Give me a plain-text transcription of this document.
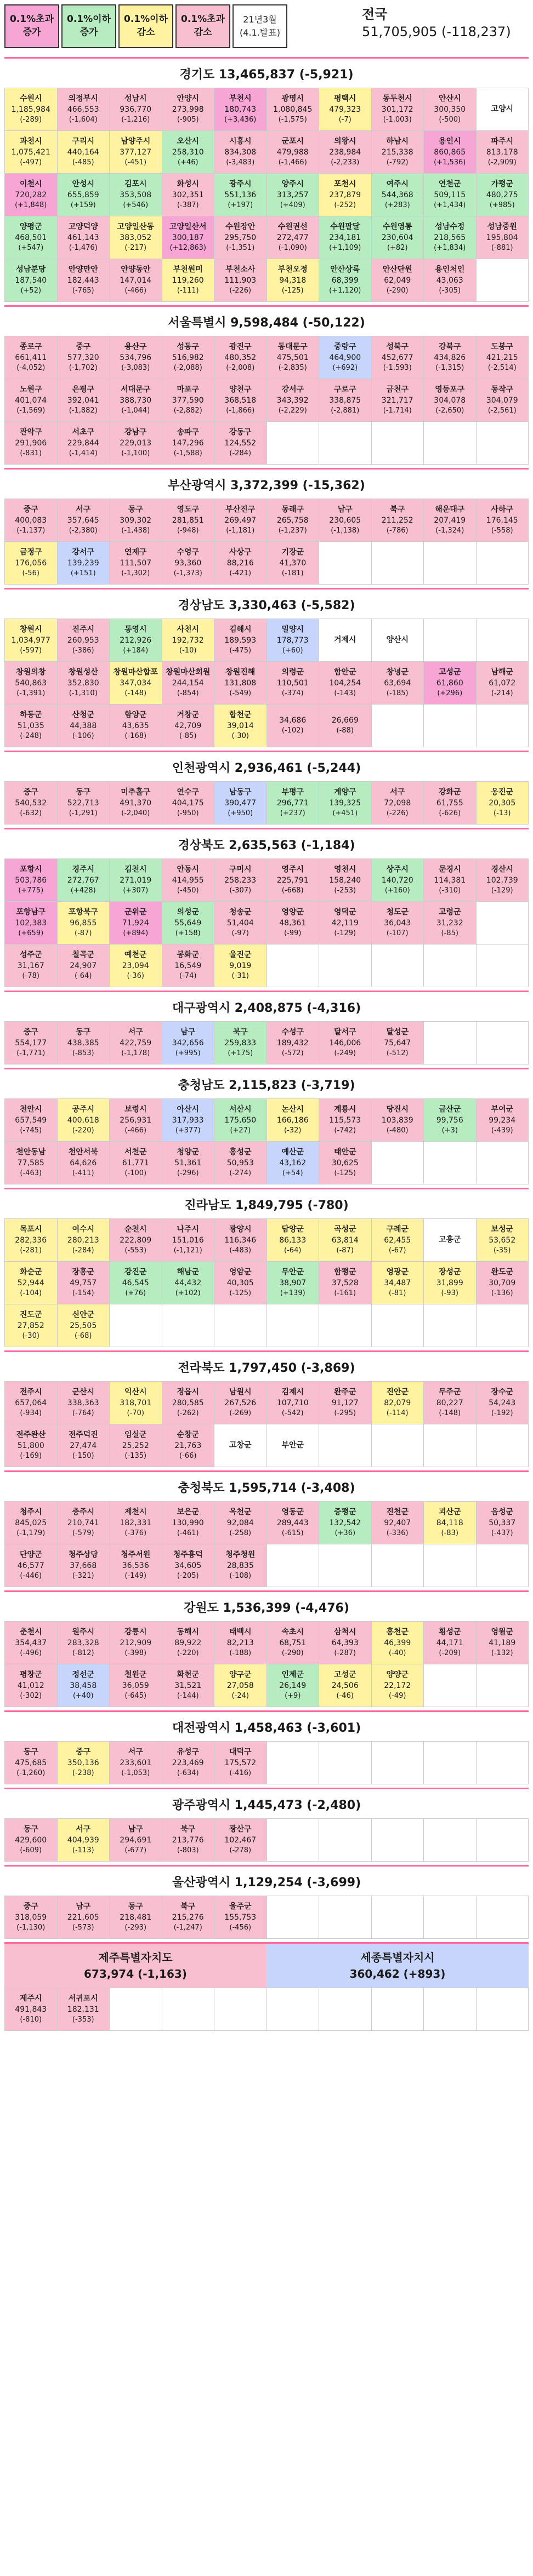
0.1%초과
증가
0.1%이하
증가
0.1%이하
감소
0.1%초과
감소
21년3월
(4.1.발표)
전국
51,705,905 (-118,237)
경기도 13,465,837 (-5,921)
수원시
1,185,984
(-289)
의정부시
466,553
(-1,604)
성남시
936,770
(-1,216)
안양시
273,998
(-905)
부천시
180,743
(+3,436)
광명시
1,080,845
(-1,575)
평택시
479,323
(-7)
동두천시
301,172
(-1,003)
안산시
300,350
(-500)
고양시
과천시
1,075,421
(-497)
구리시
440,164
(-485)
남양주시
377,127
(-451)
오산시
258,310
(+46)
시흥시
834,308
(-3,483)
군포시
479,988
(-1,466)
의왕시
238,984
(-2,233)
하남시
215,338
(-792)
용인시
860,865
(+1,536)
파주시
813,178
(-2,909)
이천시
720,282
(+1,848)
안성시
655,859
(+159)
김포시
353,508
(+546)
화성시
302,351
(-387)
광주시
551,136
(+197)
양주시
313,257
(+409)
포천시
237,879
(-252)
여주시
544,368
(+283)
연천군
509,115
(+1,434)
가평군
480,275
(+985)
양평군
468,501
(+547)
고양덕양
461,143
(-1,476)
고양일산동
383,052
(-217)
고양일산서
300,187
(+12,863)
수원장안
295,750
(-1,351)
수원권선
272,477
(-1,090)
수원팔달
234,181
(+1,109)
수원영통
230,604
(+82)
성남수정
218,565
(+1,834)
성남중원
195,804
(-881)
성남분당
187,540
(+52)
안양만안
182,443
(-765)
안양동안
147,014
(-466)
부천원미
119,260
(-111)
부천소사
111,903
(-226)
부천오정
94,318
(-125)
안산상록
68,399
(+1,120)
안산단원
62,049
(-290)
용인처인
43,063
(-305)
서울특별시 9,598,484 (-50,122)
종로구
661,411
(-4,052)
중구
577,320
(-1,702)
용산구
534,796
(-3,083)
성동구
516,982
(-2,088)
광진구
480,352
(-2,008)
동대문구
475,501
(-2,835)
중랑구
464,900
(+692)
성북구
452,677
(-1,593)
강북구
434,826
(-1,315)
도봉구
421,215
(-2,514)
노원구
401,074
(-1,569)
은평구
392,041
(-1,882)
서대문구
388,730
(-1,044)
마포구
377,590
(-2,882)
양천구
368,518
(-1,866)
강서구
343,392
(-2,229)
구로구
338,875
(-2,881)
금천구
321,717
(-1,714)
영등포구
304,078
(-2,650)
동작구
304,079
(-2,561)
관악구
291,906
(-831)
서초구
229,844
(-1,414)
강남구
229,013
(-1,100)
송파구
147,296
(-1,588)
강동구
124,552
(-284)
부산광역시 3,372,399 (-15,362)
중구
400,083
(-1,137)
서구
357,645
(-2,380)
동구
309,302
(-1,438)
영도구
281,851
(-948)
부산진구
269,497
(-1,181)
동래구
265,758
(-1,237)
남구
230,605
(-1,138)
북구
211,252
(-786)
해운대구
207,419
(-1,324)
사하구
176,145
(-558)
금정구
176,056
(-56)
강서구
139,239
(+151)
연제구
111,507
(-1,302)
수영구
93,360
(-1,373)
사상구
88,216
(-421)
기장군
41,370
(-181)
경상남도 3,330,463 (-5,582)
창원시
1,034,977
(-597)
진주시
260,953
(-386)
통영시
212,926
(+184)
사천시
192,732
(-10)
김해시
189,593
(-475)
밀양시
178,773
(+60)
거제시	양산시
창원의창
540,863
(-1,391)
창원성산
352,830
(-1,310)
창원마산합포
347,034
(-148)
창원마산회원
244,154
(-854)
창원진해
131,808
(-549)
의령군
110,501
(-374)
함안군
104,254
(-143)
창녕군
63,694
(-185)
고성군
61,860
(+296)
남해군
61,072
(-214)
하동군
51,035
(-248)
산청군
44,388
(-106)
함양군
43,635
(-168)
거창군
42,709
(-85)
합천군
39,014
(-30)
34,686
(-102)
26,669
(-88)
인천광역시 2,936,461 (-5,244)
중구
540,532
(-632)
동구
522,713
(-1,291)
미추홀구
491,370
(-2,040)
연수구
404,175
(-950)
남동구
390,477
(+950)
부평구
296,771
(+237)
계양구
139,325
(+451)
서구
72,098
(-226)
강화군
61,755
(-626)
옹진군
20,305
(-13)
경상북도 2,635,563 (-1,184)
포항시
503,786
(+775)
경주시
272,767
(+428)
김천시
271,019
(+307)
안동시
414,955
(-450)
구미시
258,233
(-307)
영주시
225,791
(-668)
영천시
158,240
(-253)
상주시
140,720
(+160)
문경시
114,381
(-310)
경산시
102,739
(-129)
포항남구
102,383
(+659)
포항북구
96,855
(-87)
군위군
71,924
(+894)
의성군
55,649
(+158)
청송군
51,404
(-97)
영양군
48,361
(-99)
영덕군
42,119
(-129)
청도군
36,043
(-107)
고령군
31,232
(-85)
성주군
31,167
(-78)
칠곡군
24,907
(-64)
예천군
23,094
(-36)
봉화군
16,549
(-74)
울진군
9,019
(-31)
대구광역시 2,408,875 (-4,316)
중구
554,177
(-1,771)
동구
438,385
(-853)
서구
422,759
(-1,178)
남구
342,656
(+995)
북구
259,833
(+175)
수성구
189,432
(-572)
달서구
146,006
(-249)
달성군
75,647
(-512)
충청남도 2,115,823 (-3,719)
천안시
657,549
(-745)
공주시
400,618
(-220)
보령시
256,931
(-466)
아산시
317,933
(+377)
서산시
175,650
(+27)
논산시
166,186
(-32)
계룡시
115,573
(-742)
당진시
103,839
(-480)
금산군
99,756
(+3)
부여군
99,234
(-439)
천안동남
77,585
(-463)
천안서북
64,626
(-411)
서천군
61,771
(-100)
청양군
51,361
(-296)
홍성군
50,953
(-274)
예산군
43,162
(+54)
태안군
30,625
(-125)
진라남도 1,849,795 (-780)
목포시
282,336
(-281)
여수시
280,213
(-284)
순천시
222,809
(-553)
나주시
151,016
(-1,121)
광양시
116,346
(-483)
담양군
86,133
(-64)
곡성군
63,814
(-87)
구례군
62,455
(-67)
고흥군
보성군
53,652
(-35)
화순군
52,944
(-104)
장흥군
49,757
(-154)
강진군
46,545
(+76)
해남군
44,432
(+102)
영암군
40,305
(-125)
무안군
38,907
(+139)
함평군
37,528
(-161)
영광군
34,487
(-81)
장성군
31,899
(-93)
완도군
30,709
(-136)
진도군
27,852
(-30)
신안군
25,505
(-68)
전라북도 1,797,450 (-3,869)
전주시
657,064
(-934)
군산시
338,363
(-764)
익산시
318,701
(-70)
정읍시
280,585
(-262)
남원시
267,526
(-269)
김제시
107,710
(-542)
완주군
91,127
(-295)
진안군
82,079
(-114)
무주군
80,227
(-148)
장수군
54,243
(-192)
전주완산
51,800
(-169)
전주덕진
27,474
(-150)
임실군
25,252
(-135)
순창군
21,763
(-66)
고창군	부안군
충청북도 1,595,714 (-3,408)
청주시
845,025
(-1,179)
충주시
210,741
(-579)
제천시
182,331
(-376)
보은군
130,990
(-461)
옥천군
92,084
(-258)
영동군
289,443
(-615)
증평군
132,542
(+36)
진천군
92,407
(-336)
괴산군
84,118
(-83)
음성군
50,337
(-437)
단양군
46,577
(-446)
청주상당
37,668
(-321)
청주서원
36,536
(-149)
청주흥덕
34,605
(-205)
청주청원
28,835
(-108)
강원도 1,536,399 (-4,476)
춘천시
354,437
(-496)
원주시
283,328
(-812)
강릉시
212,909
(-398)
동해시
89,922
(-220)
태백시
82,213
(-188)
속초시
68,751
(-290)
삼척시
64,393
(-287)
홍천군
46,399
(-40)
횡성군
44,171
(-209)
영월군
41,189
(-132)
평창군
41,012
(-302)
정선군
38,458
(+40)
철원군
36,059
(-645)
화천군
31,521
(-144)
양구군
27,058
(-24)
인제군
26,149
(+9)
고성군
24,506
(-46)
양양군
22,172
(-49)
대전광역시 1,458,463 (-3,601)
동구
475,685
(-1,260)
중구
350,136
(-238)
서구
233,601
(-1,053)
유성구
223,469
(-634)
대덕구
175,572
(-416)
광주광역시 1,445,473 (-2,480)
동구
429,600
(-609)
서구
404,939
(-113)
남구
294,691
(-677)
북구
213,776
(-803)
광산구
102,467
(-278)
울산광역시 1,129,254 (-3,699)
중구
318,059
(-1,130)
남구
221,605
(-573)
동구
218,481
(-293)
북구
215,276
(-1,247)
울주군
155,753
(-456)
제주특별자치도
673,974 (-1,163)
세종특별자치시
360,462 (+893)
제주시
491,843
(-810)
서귀포시
182,131
(-353)
